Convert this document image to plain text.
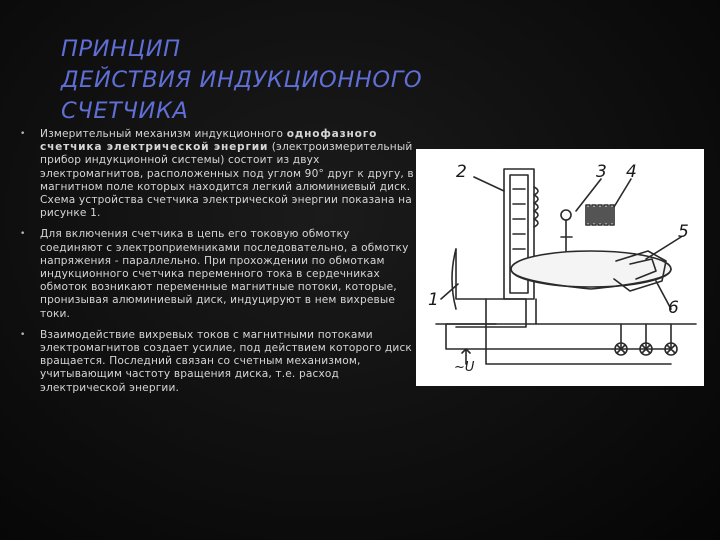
ПРИНЦИП
ДЕЙСТВИЯ ИНДУКЦИОННОГО
СЧЕТЧИКА
• Измерительный механизм индукционного однофазного счетчика электрической энергии (электроизмерительный прибор индукционной системы) состоит из двух электромагнитов, расположенных под углом 90° друг к другу, в магнитном поле которых находится легкий алюминиевый диск. Схема устройства счетчика электрической энергии показана на рисунке 1.
• Для включения счетчика в цепь его токовую обмотку соединяют с электроприемниками последовательно, а обмотку напряжения - параллельно. При прохождении по обмоткам индукционного счетчика переменного тока в сердечниках обмоток возникают переменные магнитные потоки, которые, пронизывая алюминиевый диск, индуцируют в нем вихревые токи.
• Взаимодействие вихревых токов с магнитными потоками электромагнитов создает усилие, под действием которого диск вращается. Последний связан со счетным механизмом, учитывающим частоту вращения диска, т.е. расход электрической энергии.
2	3 4
5
1	6
~U
